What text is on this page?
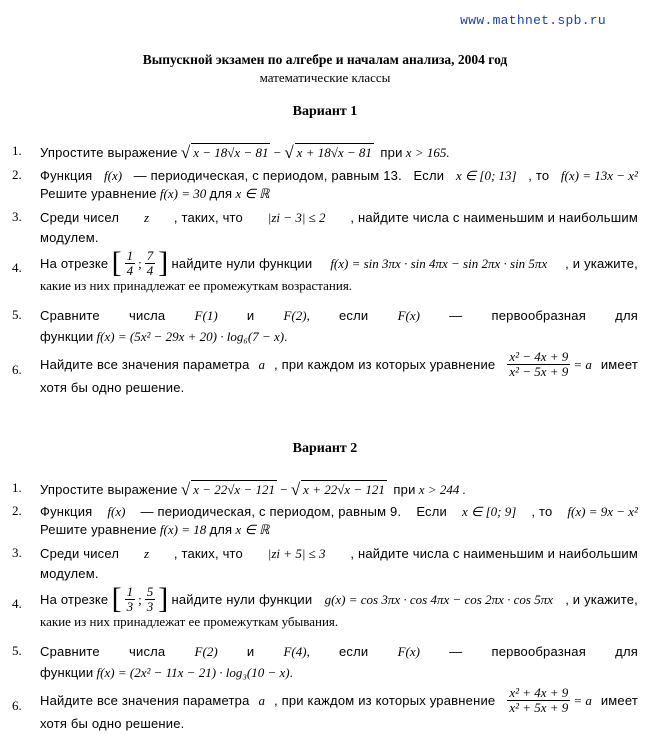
www.mathnet.spb.ru
Выпускной экзамен по алгебре и началам анализа, 2004 год
математические классы
Вариант 1
1.	Упростите выражение
√ x − 18√x − 81 − √ x + 18√x − 81
при
x > 165.
2.	Функция f(x) — периодическая, с периодом, равным 13. Если x ∈ [0; 13] , то f(x) = 13x − x²
Решите уравнение
f(x) = 30
для
x ∈ ℝ
3.	Среди чисел z , таких, что |zi − 3| ≤ 2 , найдите числа с наименьшим и наибольшим
модулем.
4.	На отрезке
[ $\frac{1}{4}$ ; $\frac{7}{4}$ ]
найдите нули функции f(x) = sin 3πx · sin 4πx − sin 2πx · sin 5πx , и укажите,
какие из них принадлежат ее промежуткам возрастания.
5.	Сравните числа F(1) и F(2), если F(x) — первообразная для
функции
f(x) = (5x² − 29x + 20) · log₆(7 − x) .
6.	Найдите все значения параметра a , при каждом из которых уравнение $\frac{\text{x² − 4x + 9}}{\text{x² − 5x + 9}} = a$ имеет
хотя бы одно решение.
Вариант 2
1.	Упростите выражение
√ x − 22√x − 121 − √ x + 22√x − 121
при
x > 244 .
2.	Функция f(x) — периодическая, с периодом, равным 9. Если x ∈ [0; 9] , то f(x) = 9x − x²
Решите уравнение
f(x) = 18
для
x ∈ ℝ
3.	Среди чисел z , таких, что |zi + 5| ≤ 3 , найдите числа с наименьшим и наибольшим
модулем.
4.	На отрезке
[ $\frac{1}{3}$ ; $\frac{5}{3}$ ]
найдите нули функции g(x) = cos 3πx · cos 4πx − cos 2πx · cos 5πx , и укажите,
какие из них принадлежат ее промежуткам убывания.
5.	Сравните числа F(2) и F(4), если F(x) — первообразная для
функции
f(x) = (2x² − 11x − 21) · log₃(10 − x) .
6.	Найдите все значения параметра a , при каждом из которых уравнение $\frac{\text{x² + 4x + 9}}{\text{x² + 5x + 9}} = a$ имеет
хотя бы одно решение.
